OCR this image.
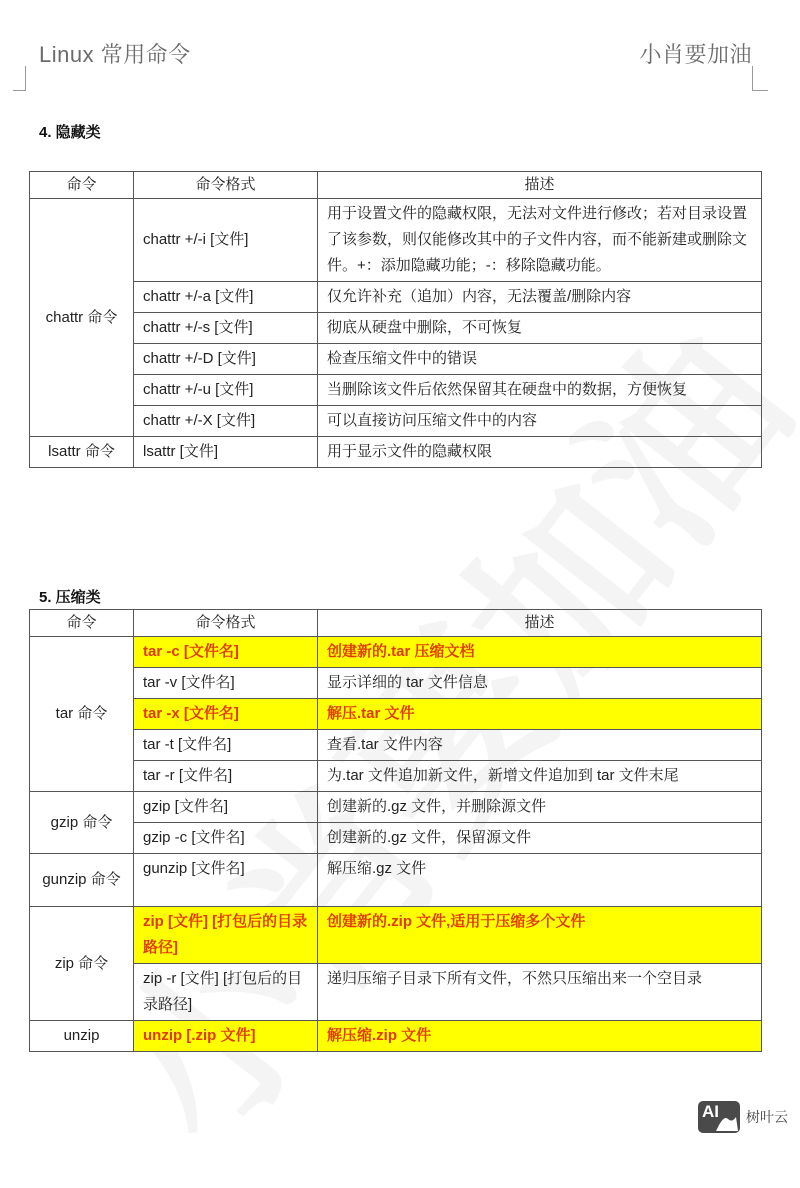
Linux 常用命令	小肖要加油
4. 隐藏类
命令	命令格式	描述
chattr 命令	chattr +/-i [文件]	用于设置文件的隐藏权限，无法对文件进行修改；若对目录设置了该参数，则仅能修改其中的子文件内容，而不能新建或删除文件。+：添加隐藏功能；-：移除隐藏功能。
	chattr +/-a [文件]	仅允许补充（追加）内容，无法覆盖/删除内容
	chattr +/-s [文件]	彻底从硬盘中删除，不可恢复
	chattr +/-D [文件]	检查压缩文件中的错误
	chattr +/-u [文件]	当删除该文件后依然保留其在硬盘中的数据，方便恢复
	chattr +/-X [文件]	可以直接访问压缩文件中的内容
lsattr 命令	lsattr [文件]	用于显示文件的隐藏权限
5. 压缩类
命令	命令格式	描述
tar 命令	tar -c [文件名]	创建新的.tar 压缩文档
	tar -v [文件名]	显示详细的 tar 文件信息
	tar -x [文件名]	解压.tar 文件
	tar -t [文件名]	查看.tar 文件内容
	tar -r [文件名]	为.tar 文件追加新文件，新增文件追加到 tar 文件末尾
gzip 命令	gzip [文件名]	创建新的.gz 文件，并删除源文件
	gzip -c [文件名]	创建新的.gz 文件，保留源文件
gunzip 命令	gunzip [文件名]	解压缩.gz 文件
zip 命令	zip [文件] [打包后的目录路径]	创建新的.zip 文件,适用于压缩多个文件
	zip -r [文件] [打包后的目录路径]	递归压缩子目录下所有文件，不然只压缩出来一个空目录
unzip	unzip [.zip 文件]	解压缩.zip 文件
AI 树叶云
